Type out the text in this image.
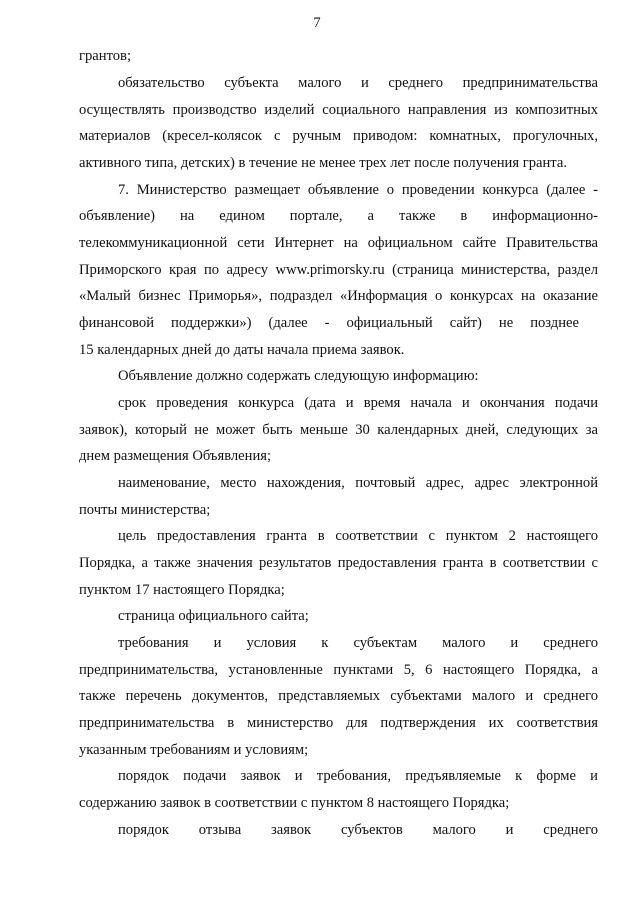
7
грантов;
обязательство субъекта малого и среднего предпринимательства
осуществлять производство изделий социального направления из композитных
материалов (кресел-колясок с ручным приводом: комнатных, прогулочных,
активного типа, детских) в течение не менее трех лет после получения гранта.
7. Министерство размещает объявление о проведении конкурса (далее -
объявление) на едином портале, а также в информационно-
телекоммуникационной сети Интернет на официальном сайте Правительства
Приморского края по адресу www.primorsky.ru (страница министерства, раздел
«Малый бизнес Приморья», подраздел «Информация о конкурсах на оказание
финансовой поддержки») (далее - официальный сайт) не позднее
15 календарных дней до даты начала приема заявок.
Объявление должно содержать следующую информацию:
срок проведения конкурса (дата и время начала и окончания подачи
заявок), который не может быть меньше 30 календарных дней, следующих за
днем размещения Объявления;
наименование, место нахождения, почтовый адрес, адрес электронной
почты министерства;
цель предоставления гранта в соответствии с пунктом 2 настоящего
Порядка, а также значения результатов предоставления гранта в соответствии с
пунктом 17 настоящего Порядка;
страница официального сайта;
требования и условия к субъектам малого и среднего
предпринимательства, установленные пунктами 5, 6 настоящего Порядка, а
также перечень документов, представляемых субъектами малого и среднего
предпринимательства в министерство для подтверждения их соответствия
указанным требованиям и условиям;
порядок подачи заявок и требования, предъявляемые к форме и
содержанию заявок в соответствии с пунктом 8 настоящего Порядка;
порядок отзыва заявок субъектов малого и среднего
